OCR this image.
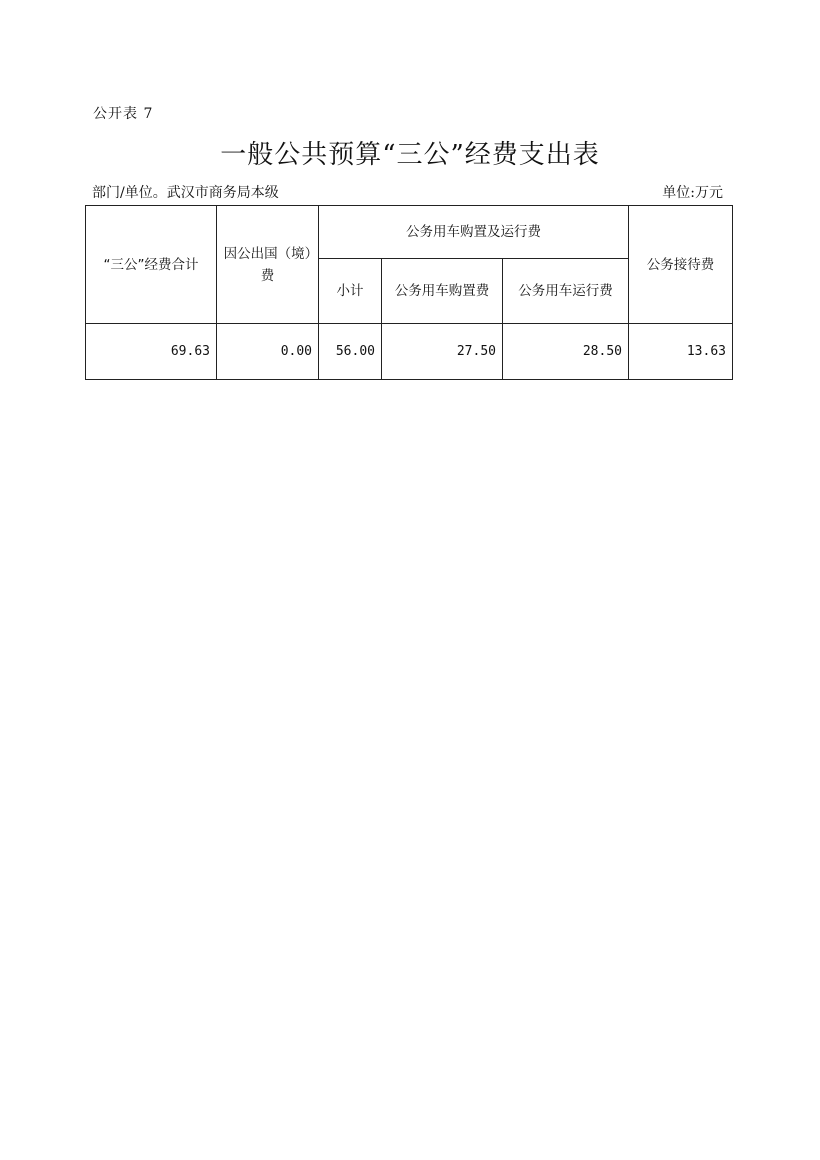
公开表 7
一般公共预算“三公”经费支出表
部门/单位。武汉市商务局本级	单位:万元
“三公”经费合计	因公出国（境）费	公务用车购置及运行费			公务接待费
		小计	公务用车购置费	公务用车运行费	
69.63	0.00	56.00	27.50	28.50	13.63
